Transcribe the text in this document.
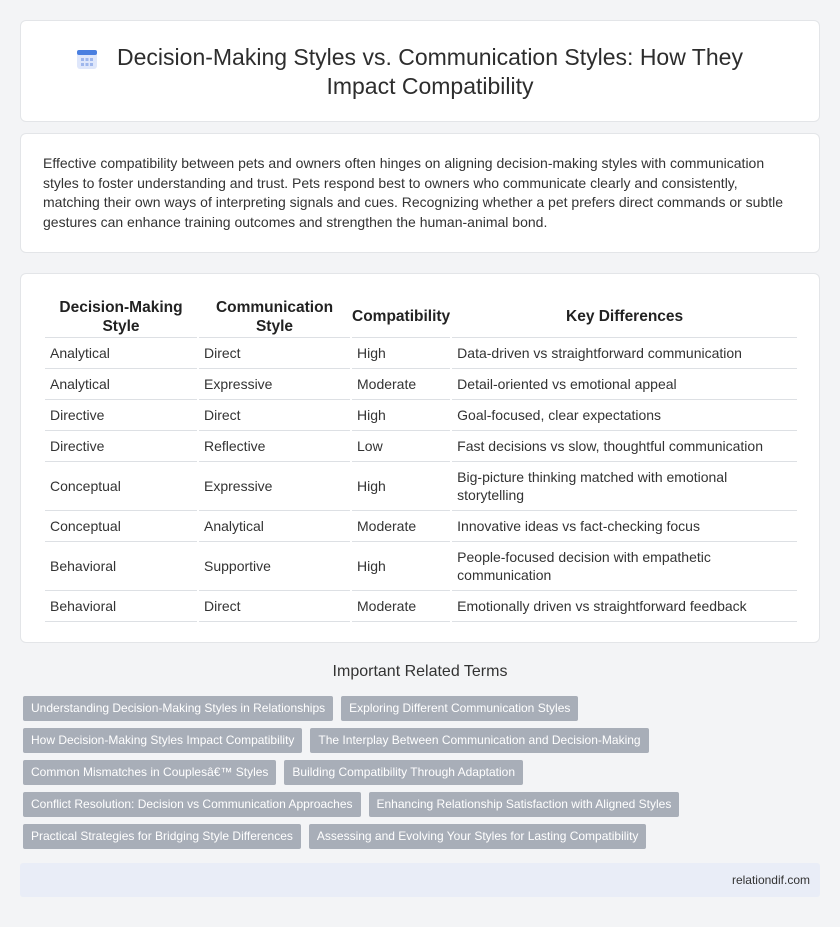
Decision-Making Styles vs. Communication Styles: How They Impact Compatibility

Effective compatibility between pets and owners often hinges on aligning decision-making styles with communication styles to foster understanding and trust. Pets respond best to owners who communicate clearly and consistently, matching their own ways of interpreting signals and cues. Recognizing whether a pet prefers direct commands or subtle gestures can enhance training outcomes and strengthen the human-animal bond.

Decision-Making Style	Communication Style	Compatibility	Key Differences
Analytical	Direct	High	Data-driven vs straightforward communication
Analytical	Expressive	Moderate	Detail-oriented vs emotional appeal
Directive	Direct	High	Goal-focused, clear expectations
Directive	Reflective	Low	Fast decisions vs slow, thoughtful communication
Conceptual	Expressive	High	Big-picture thinking matched with emotional storytelling
Conceptual	Analytical	Moderate	Innovative ideas vs fact-checking focus
Behavioral	Supportive	High	People-focused decision with empathetic communication
Behavioral	Direct	Moderate	Emotionally driven vs straightforward feedback
Important Related Terms
Understanding Decision-Making Styles in Relationships	Exploring Different Communication Styles
How Decision-Making Styles Impact Compatibility	The Interplay Between Communication and Decision-Making
Common Mismatches in Couplesâ€™ Styles	Building Compatibility Through Adaptation
Conflict Resolution: Decision vs Communication Approaches	Enhancing Relationship Satisfaction with Aligned Styles
Practical Strategies for Bridging Style Differences	Assessing and Evolving Your Styles for Lasting Compatibility
relationdif.com
